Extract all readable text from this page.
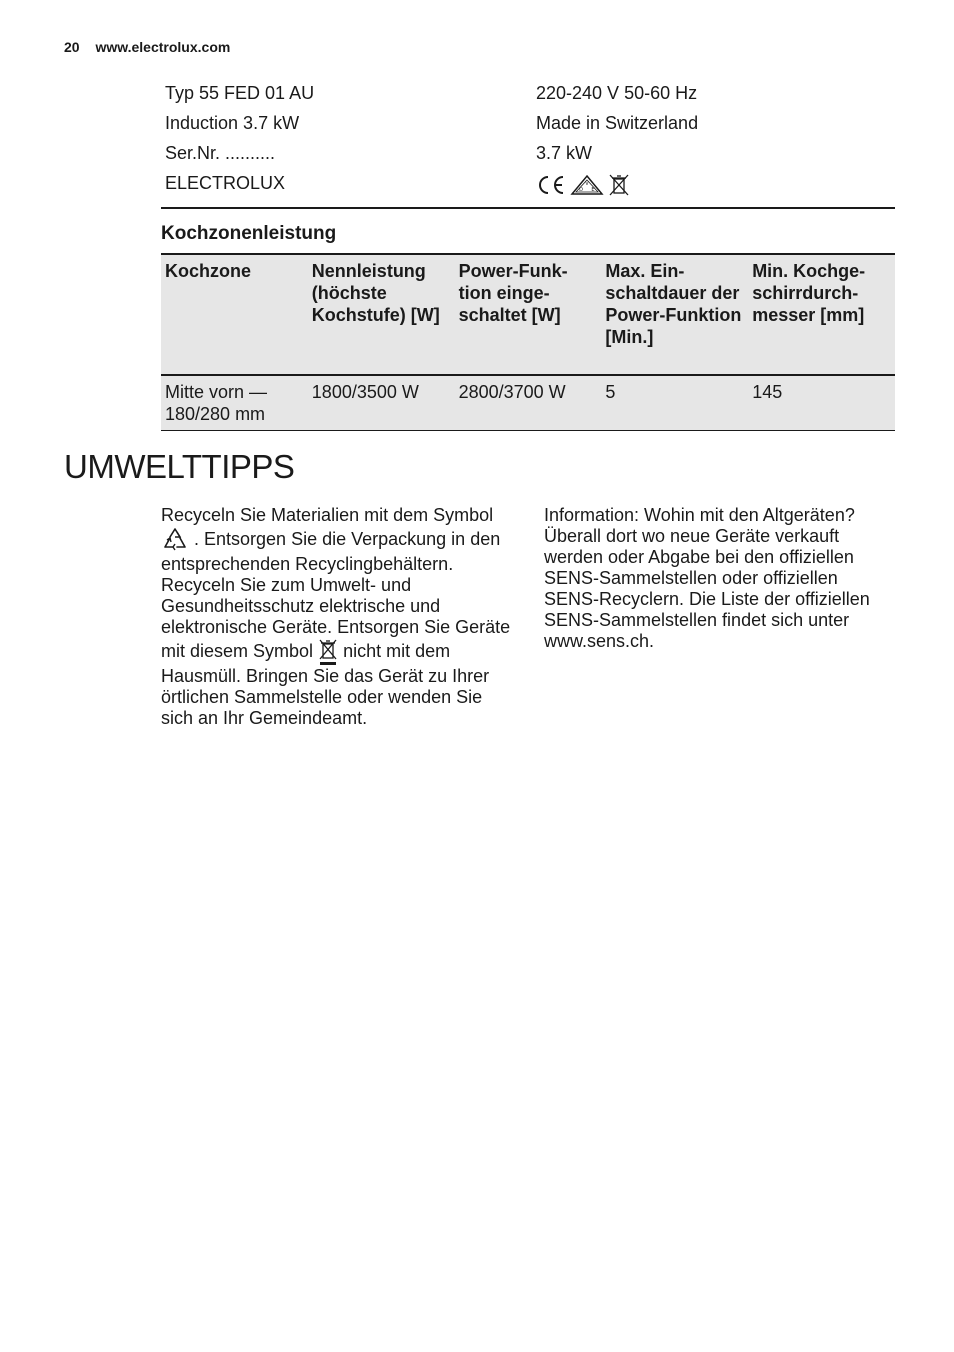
20 www.electrolux.com
Typ 55 FED 01 AU	220-240 V 50-60 Hz
Induction 3.7 kW	Made in Switzerland
Ser.Nr. ..........	3.7 kW
ELECTROLUX	V
D E
Kochzonenleistung
Kochzone	Nennleistung (höchste Kochstufe) [W]	Power-Funk-tion einge-schaltet [W]	Max. Ein-schaltdauer der Power-Funktion [Min.]	Min. Kochge-schirrdurch-messer [mm]
Mitte vorn — 180/280 mm	1800/3500 W	2800/3700 W	5	145
UMWELTTIPPS

Recyceln Sie Materialien mit dem Symbol  . Entsorgen Sie die Verpackung in den entsprechenden Recyclingbehältern. Recyceln Sie zum Umwelt- und Gesundheitsschutz elektrische und elektronische Geräte. Entsorgen Sie Geräte mit diesem Symbol nicht mit dem Hausmüll. Bringen Sie das Gerät zu Ihrer örtlichen Sammelstelle oder wenden Sie sich an Ihr Gemeindeamt.

Information: Wohin mit den Altgeräten? Überall dort wo neue Geräte verkauft werden oder Abgabe bei den offiziellen SENS-Sammelstellen oder offiziellen SENS-Recyclern. Die Liste der offiziellen SENS-Sammelstellen findet sich unter www.sens.ch.
